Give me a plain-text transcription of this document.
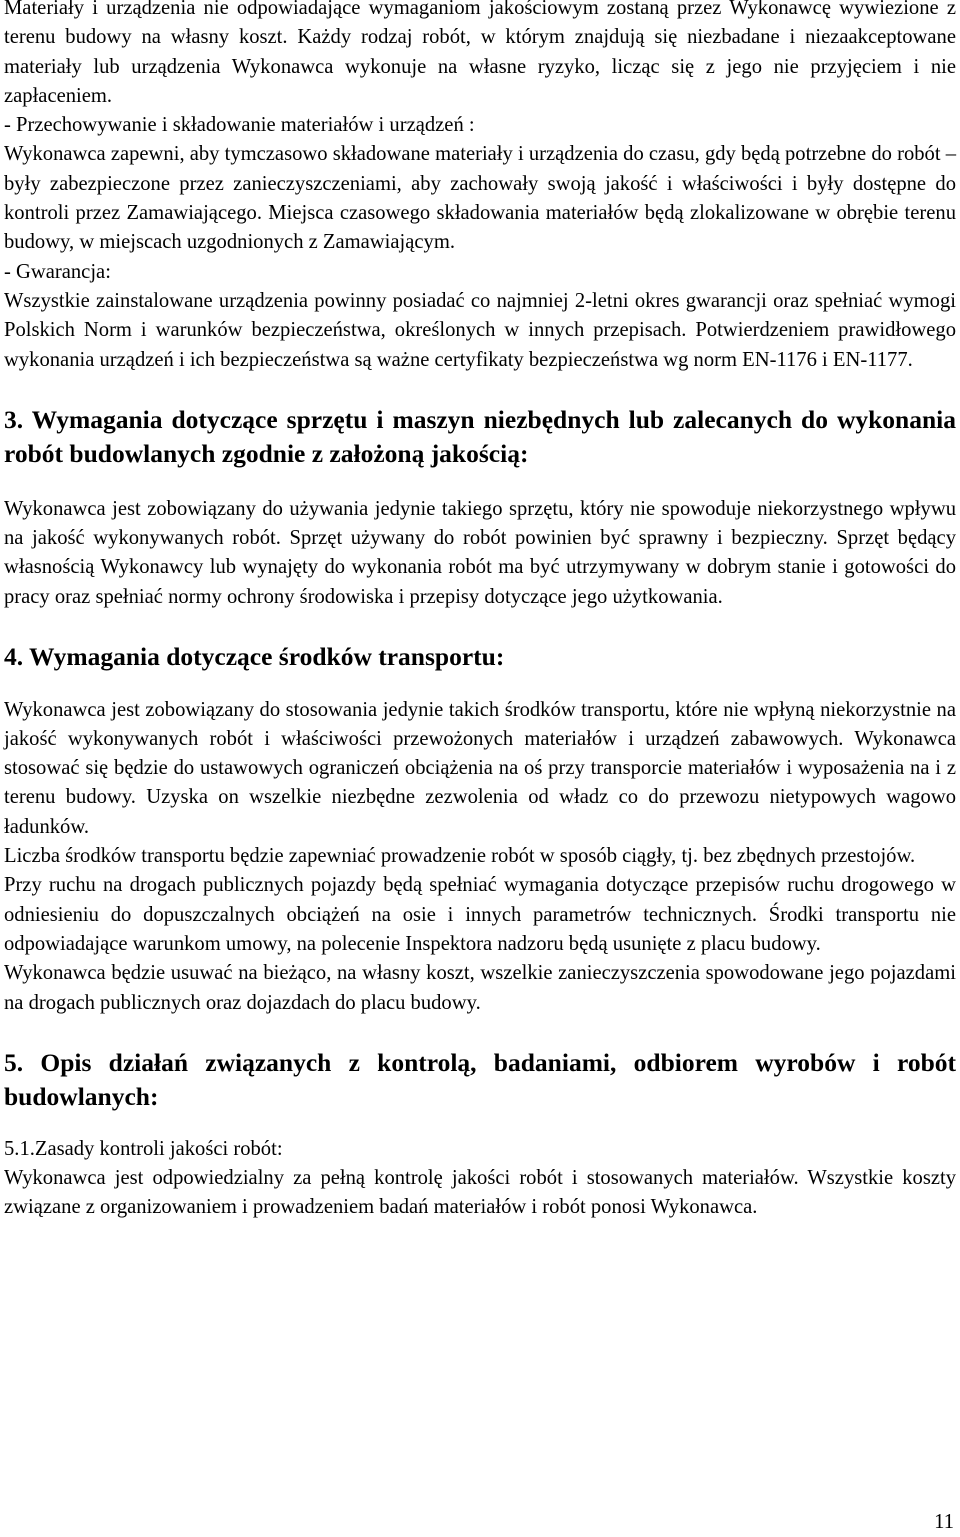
Materiały i urządzenia nie odpowiadające wymaganiom jakościowym zostaną przez Wykonawcę wywiezione z terenu budowy na własny koszt. Każdy rodzaj robót, w którym znajdują się niezbadane i niezaakceptowane materiały lub urządzenia Wykonawca wykonuje na własne ryzyko, licząc się z jego nie przyjęciem i nie zapłaceniem.

- Przechowywanie i składowanie materiałów i urządzeń :

Wykonawca zapewni, aby tymczasowo składowane materiały i urządzenia do czasu, gdy będą potrzebne do robót – były zabezpieczone przez zanieczyszczeniami, aby zachowały swoją jakość i właściwości i były dostępne do kontroli przez Zamawiającego. Miejsca czasowego składowania materiałów będą zlokalizowane w obrębie terenu budowy, w miejscach uzgodnionych z Zamawiającym.

- Gwarancja:

Wszystkie zainstalowane urządzenia powinny posiadać co najmniej 2-letni okres gwarancji oraz spełniać wymogi Polskich Norm i warunków bezpieczeństwa, określonych w innych przepisach. Potwierdzeniem prawidłowego wykonania urządzeń i ich bezpieczeństwa są ważne certyfikaty bezpieczeństwa wg norm EN-1176 i EN-1177.

3. Wymagania dotyczące sprzętu i maszyn niezbędnych lub zalecanych do wykonania robót budowlanych zgodnie z założoną jakością:

Wykonawca jest zobowiązany do używania jedynie takiego sprzętu, który nie spowoduje niekorzystnego wpływu na jakość wykonywanych robót. Sprzęt używany do robót powinien być sprawny i bezpieczny. Sprzęt będący własnością Wykonawcy lub wynajęty do wykonania robót ma być utrzymywany w dobrym stanie i gotowości do pracy oraz spełniać normy ochrony środowiska i przepisy dotyczące jego użytkowania.

4. Wymagania dotyczące środków transportu:

Wykonawca jest zobowiązany do stosowania jedynie takich środków transportu, które nie wpłyną niekorzystnie na jakość wykonywanych robót i właściwości przewożonych materiałów i urządzeń zabawowych. Wykonawca stosować się będzie do ustawowych ograniczeń obciążenia na oś przy transporcie materiałów i wyposażenia na i z terenu budowy. Uzyska on wszelkie niezbędne zezwolenia od władz co do przewozu nietypowych wagowo ładunków.

Liczba środków transportu będzie zapewniać prowadzenie robót w sposób ciągły, tj. bez zbędnych przestojów.

Przy ruchu na drogach publicznych pojazdy będą spełniać wymagania dotyczące przepisów ruchu drogowego w odniesieniu do dopuszczalnych obciążeń na osie i innych parametrów technicznych. Środki transportu nie odpowiadające warunkom umowy, na polecenie Inspektora nadzoru będą usunięte z placu budowy.

Wykonawca będzie usuwać na bieżąco, na własny koszt, wszelkie zanieczyszczenia spowodowane jego pojazdami na drogach publicznych oraz dojazdach do placu budowy.

5. Opis działań związanych z kontrolą, badaniami, odbiorem wyrobów i robót budowlanych:

5.1.Zasady kontroli jakości robót:

Wykonawca jest odpowiedzialny za pełną kontrolę jakości robót i stosowanych materiałów. Wszystkie koszty związane z organizowaniem i prowadzeniem badań materiałów i robót ponosi Wykonawca.

11
